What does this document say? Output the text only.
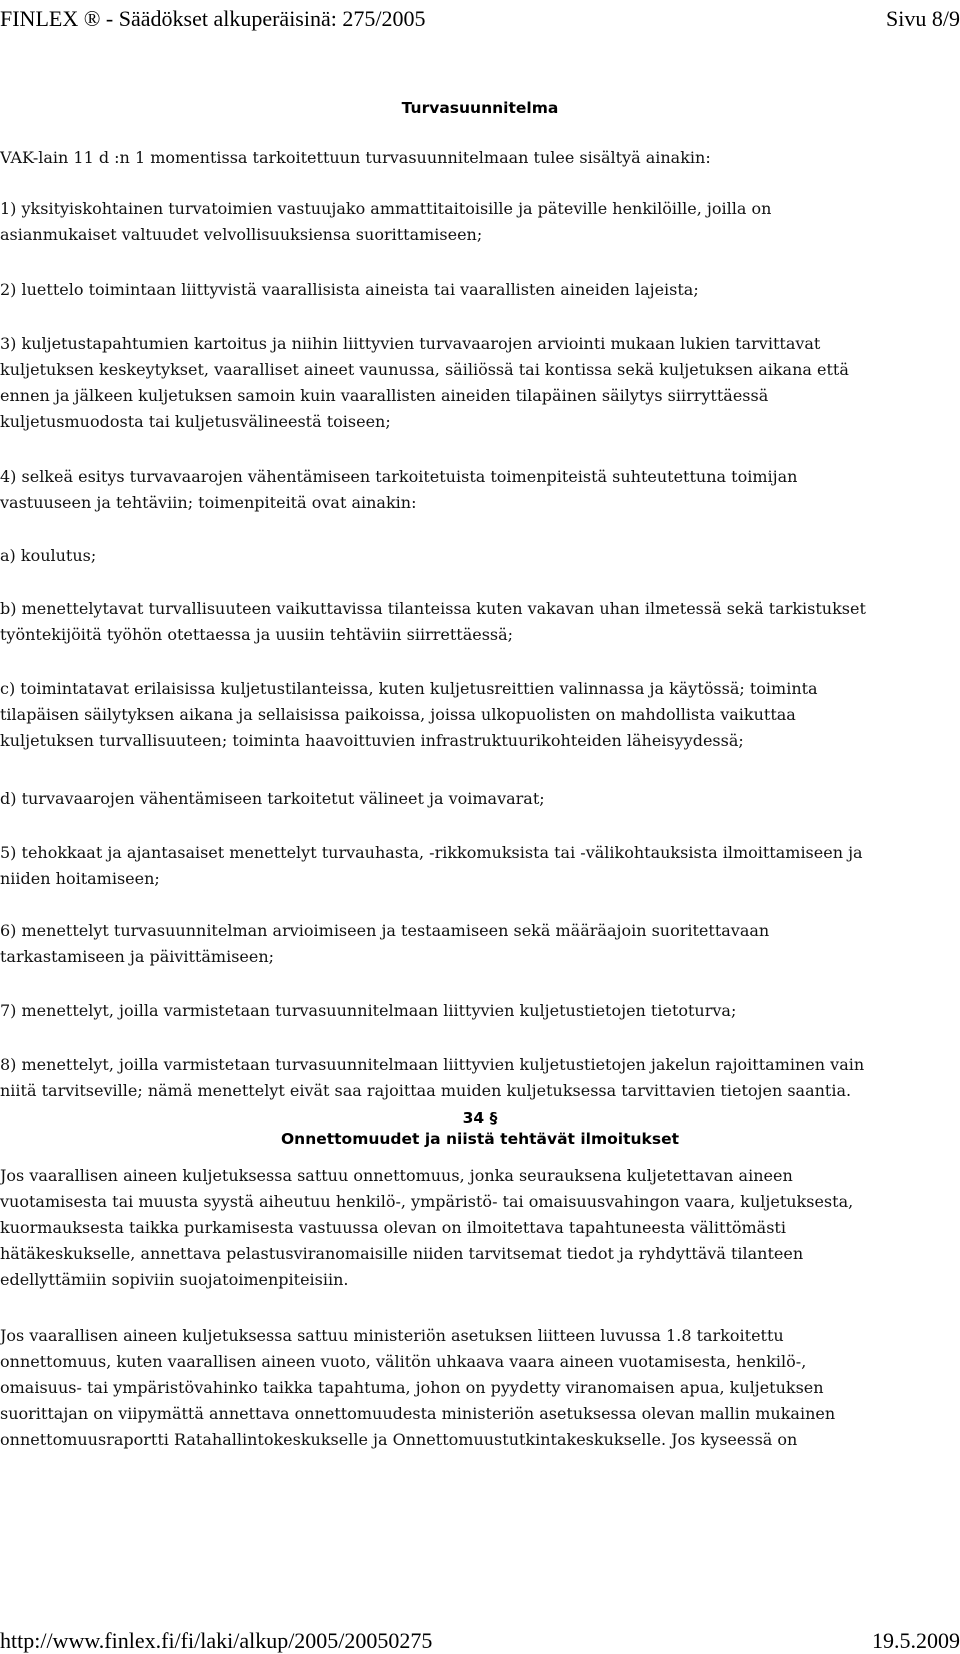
FINLEX ® - Säädökset alkuperäisinä: 275/2005	Sivu 8/9
Turvasuunnitelma
VAK-lain 11 d :n 1 momentissa tarkoitettuun turvasuunnitelmaan tulee sisältyä ainakin:
1) yksityiskohtainen turvatoimien vastuujako ammattitaitoisille ja päteville henkilöille, joilla on
asianmukaiset valtuudet velvollisuuksiensa suorittamiseen;
2) luettelo toimintaan liittyvistä vaarallisista aineista tai vaarallisten aineiden lajeista;
3) kuljetustapahtumien kartoitus ja niihin liittyvien turvavaarojen arviointi mukaan lukien tarvittavat
kuljetuksen keskeytykset, vaaralliset aineet vaunussa, säiliössä tai kontissa sekä kuljetuksen aikana että
ennen ja jälkeen kuljetuksen samoin kuin vaarallisten aineiden tilapäinen säilytys siirryttäessä
kuljetusmuodosta tai kuljetusvälineestä toiseen;
4) selkeä esitys turvavaarojen vähentämiseen tarkoitetuista toimenpiteistä suhteutettuna toimijan
vastuuseen ja tehtäviin; toimenpiteitä ovat ainakin:
a) koulutus;
b) menettelytavat turvallisuuteen vaikuttavissa tilanteissa kuten vakavan uhan ilmetessä sekä tarkistukset
työntekijöitä työhön otettaessa ja uusiin tehtäviin siirrettäessä;
c) toimintatavat erilaisissa kuljetustilanteissa, kuten kuljetusreittien valinnassa ja käytössä; toiminta
tilapäisen säilytyksen aikana ja sellaisissa paikoissa, joissa ulkopuolisten on mahdollista vaikuttaa
kuljetuksen turvallisuuteen; toiminta haavoittuvien infrastruktuurikohteiden läheisyydessä;
d) turvavaarojen vähentämiseen tarkoitetut välineet ja voimavarat;
5) tehokkaat ja ajantasaiset menettelyt turvauhasta, -rikkomuksista tai -välikohtauksista ilmoittamiseen ja
niiden hoitamiseen;
6) menettelyt turvasuunnitelman arvioimiseen ja testaamiseen sekä määräajoin suoritettavaan
tarkastamiseen ja päivittämiseen;
7) menettelyt, joilla varmistetaan turvasuunnitelmaan liittyvien kuljetustietojen tietoturva;
8) menettelyt, joilla varmistetaan turvasuunnitelmaan liittyvien kuljetustietojen jakelun rajoittaminen vain
niitä tarvitseville; nämä menettelyt eivät saa rajoittaa muiden kuljetuksessa tarvittavien tietojen saantia.
34 §
Onnettomuudet ja niistä tehtävät ilmoitukset
Jos vaarallisen aineen kuljetuksessa sattuu onnettomuus, jonka seurauksena kuljetettavan aineen
vuotamisesta tai muusta syystä aiheutuu henkilö-, ympäristö- tai omaisuusvahingon vaara, kuljetuksesta,
kuormauksesta taikka purkamisesta vastuussa olevan on ilmoitettava tapahtuneesta välittömästi
hätäkeskukselle, annettava pelastusviranomaisille niiden tarvitsemat tiedot ja ryhdyttävä tilanteen
edellyttämiin sopiviin suojatoimenpiteisiin.
Jos vaarallisen aineen kuljetuksessa sattuu ministeriön asetuksen liitteen luvussa 1.8 tarkoitettu
onnettomuus, kuten vaarallisen aineen vuoto, välitön uhkaava vaara aineen vuotamisesta, henkilö-,
omaisuus- tai ympäristövahinko taikka tapahtuma, johon on pyydetty viranomaisen apua, kuljetuksen
suorittajan on viipymättä annettava onnettomuudesta ministeriön asetuksessa olevan mallin mukainen
onnettomuusraportti Ratahallintokeskukselle ja Onnettomuustutkintakeskukselle. Jos kyseessä on
http://www.finlex.fi/fi/laki/alkup/2005/20050275	19.5.2009
